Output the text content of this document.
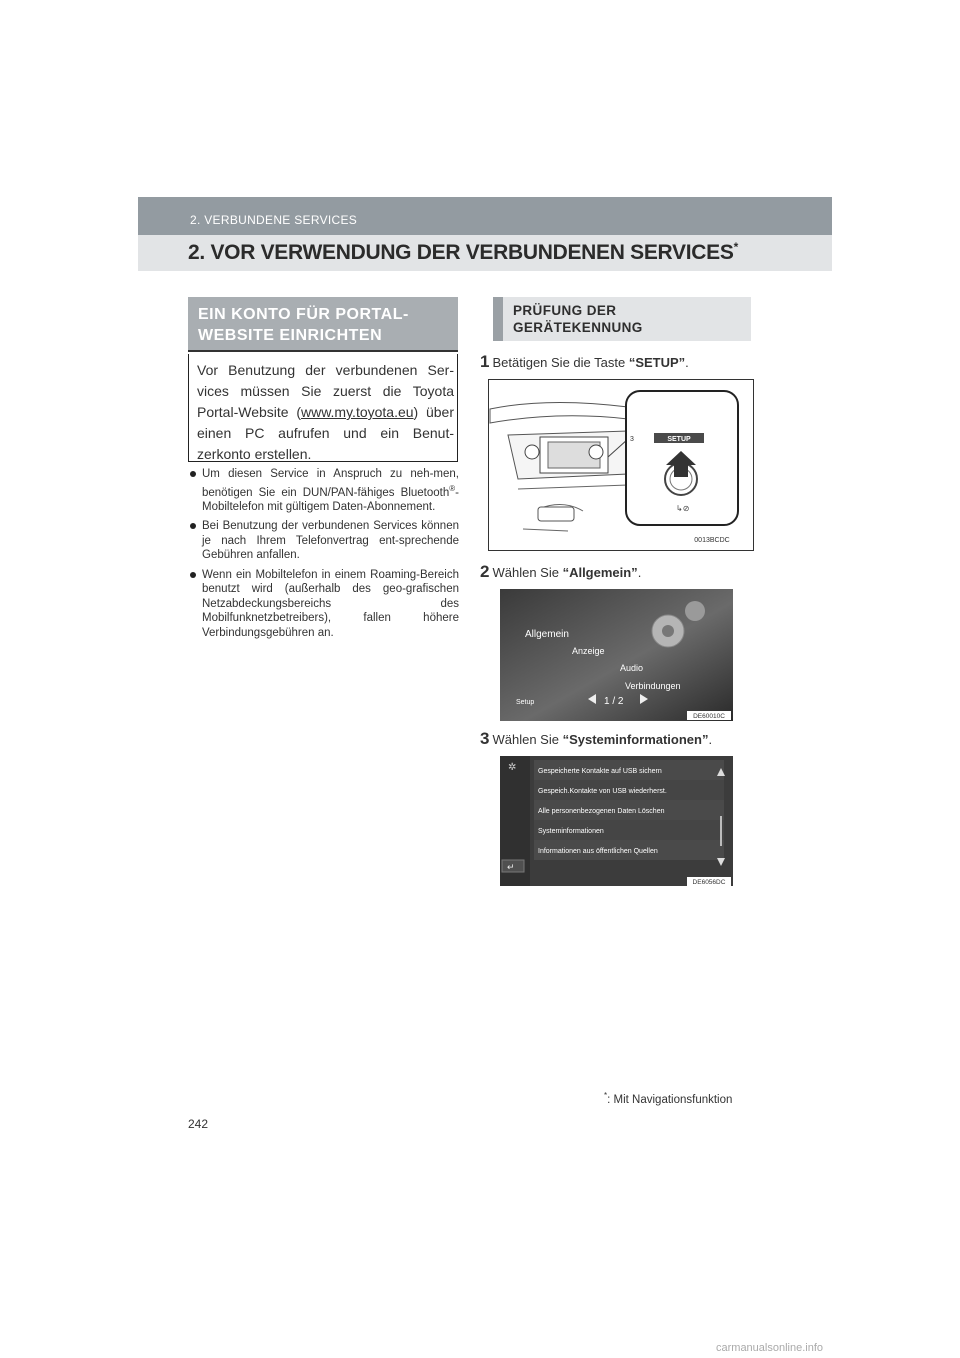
2. VERBUNDENE SERVICES
2. VOR VERWENDUNG DER VERBUNDENEN SERVICES*
EIN KONTO FÜR PORTAL-
WEBSITE EINRICHTEN
Vor Benutzung der verbundenen Ser-vices müssen Sie zuerst die Toyota Portal-Website (www.my.toyota.eu) über einen PC aufrufen und ein Benut-zerkonto erstellen.
Um diesen Service in Anspruch zu neh-men, benötigen Sie ein DUN/PAN-fähiges Bluetooth®-Mobiltelefon mit gültigem Daten-Abonnement.
Bei Benutzung der verbundenen Services können je nach Ihrem Telefonvertrag ent-sprechende Gebühren anfallen.
Wenn ein Mobiltelefon in einem Roaming-Bereich benutzt wird (außerhalb des geo-grafischen Netzabdeckungsbereichs des Mobilfunknetzbetreibers), fallen höhere Verbindungsgebühren an.
PRÜFUNG DER
GERÄTEKENNUNG
1 Betätigen Sie die Taste “SETUP”.
SETUP
3
↳⊘
0013BCDC
2 Wählen Sie “Allgemein”.
Allgemein
Anzeige
Audio
Verbindungen
Setup	1 / 2
DE60010C
3 Wählen Sie “Systeminformationen”.
✲
↵
Gespeicherte Kontakte auf USB sichern
Gespeich.Kontakte von USB wiederherst.
Alle personenbezogenen Daten Löschen
Systeminformationen
Informationen aus öffentlichen Quellen
DE6056DC
*: Mit Navigationsfunktion
242
carmanualsonline.info
